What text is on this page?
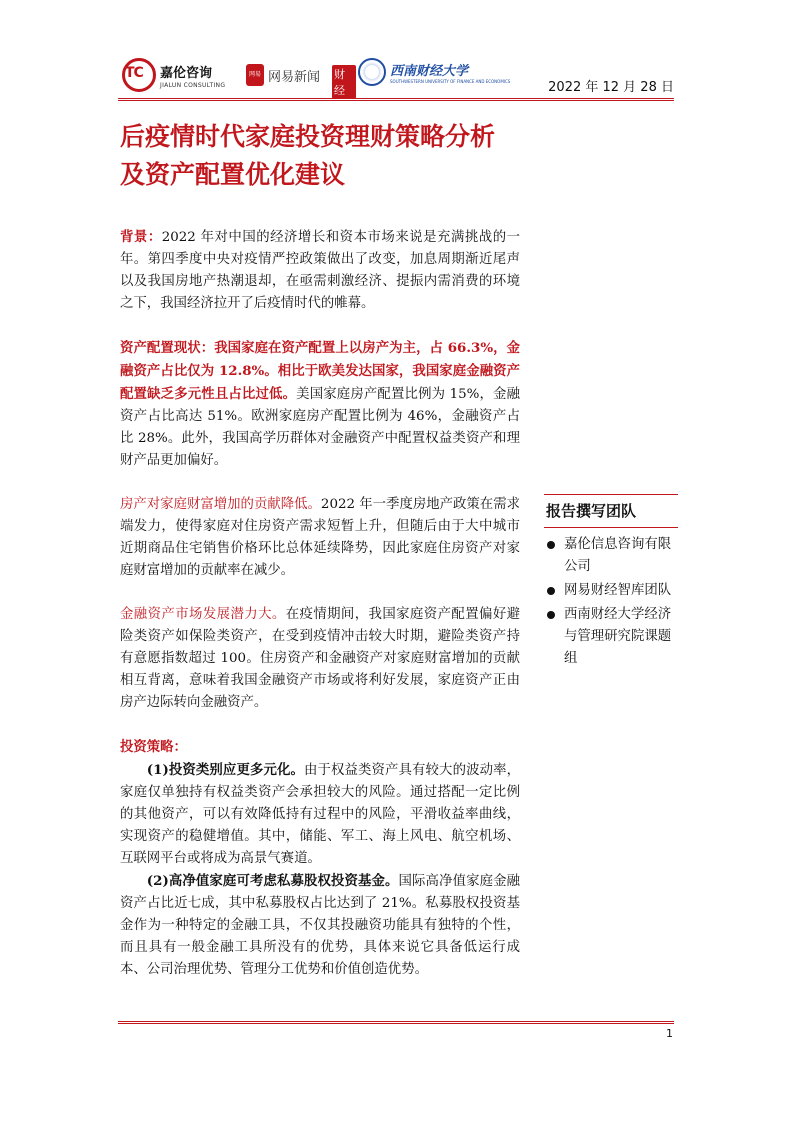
TC 嘉伦咨询
JIALUN CONSULTING
网易 网易新闻 财经
西南财经大学
SOUTHWESTERN UNIVERSITY OF FINANCE AND ECONOMICS	2022 年 12 月 28 日
后疫情时代家庭投资理财策略分析
及资产配置优化建议

背景：2022 年对中国的经济增长和资本市场来说是充满挑战的一年。第四季度中央对疫情严控政策做出了改变，加息周期渐近尾声以及我国房地产热潮退却，在亟需刺激经济、提振内需消费的环境之下，我国经济拉开了后疫情时代的帷幕。

资产配置现状：我国家庭在资产配置上以房产为主，占 66.3%，金融资产占比仅为 12.8%。相比于欧美发达国家，我国家庭金融资产配置缺乏多元性且占比过低。美国家庭房产配置比例为 15%，金融资产占比高达 51%。欧洲家庭房产配置比例为 46%，金融资产占比 28%。此外，我国高学历群体对金融资产中配置权益类资产和理财产品更加偏好。

房产对家庭财富增加的贡献降低。2022 年一季度房地产政策在需求端发力，使得家庭对住房资产需求短暂上升，但随后由于大中城市近期商品住宅销售价格环比总体延续降势，因此家庭住房资产对家庭财富增加的贡献率在减少。

金融资产市场发展潜力大。在疫情期间，我国家庭资产配置偏好避险类资产如保险类资产，在受到疫情冲击较大时期，避险类资产持有意愿指数超过 100。住房资产和金融资产对家庭财富增加的贡献相互背离，意味着我国金融资产市场或将利好发展，家庭资产正由房产边际转向金融资产。

投资策略：

(1)投资类别应更多元化。由于权益类资产具有较大的波动率，家庭仅单独持有权益类资产会承担较大的风险。通过搭配一定比例的其他资产，可以有效降低持有过程中的风险，平滑收益率曲线，实现资产的稳健增值。其中，储能、军工、海上风电、航空机场、互联网平台或将成为高景气赛道。

(2)高净值家庭可考虑私募股权投资基金。国际高净值家庭金融资产占比近七成，其中私募股权占比达到了 21%。私募股权投资基金作为一种特定的金融工具，不仅其投融资功能具有独特的个性，而且具有一般金融工具所没有的优势，具体来说它具备低运行成本、公司治理优势、管理分工优势和价值创造优势。

报告撰写团队
嘉伦信息咨询有限公司
网易财经智库团队
西南财经大学经济与管理研究院课题组
1
